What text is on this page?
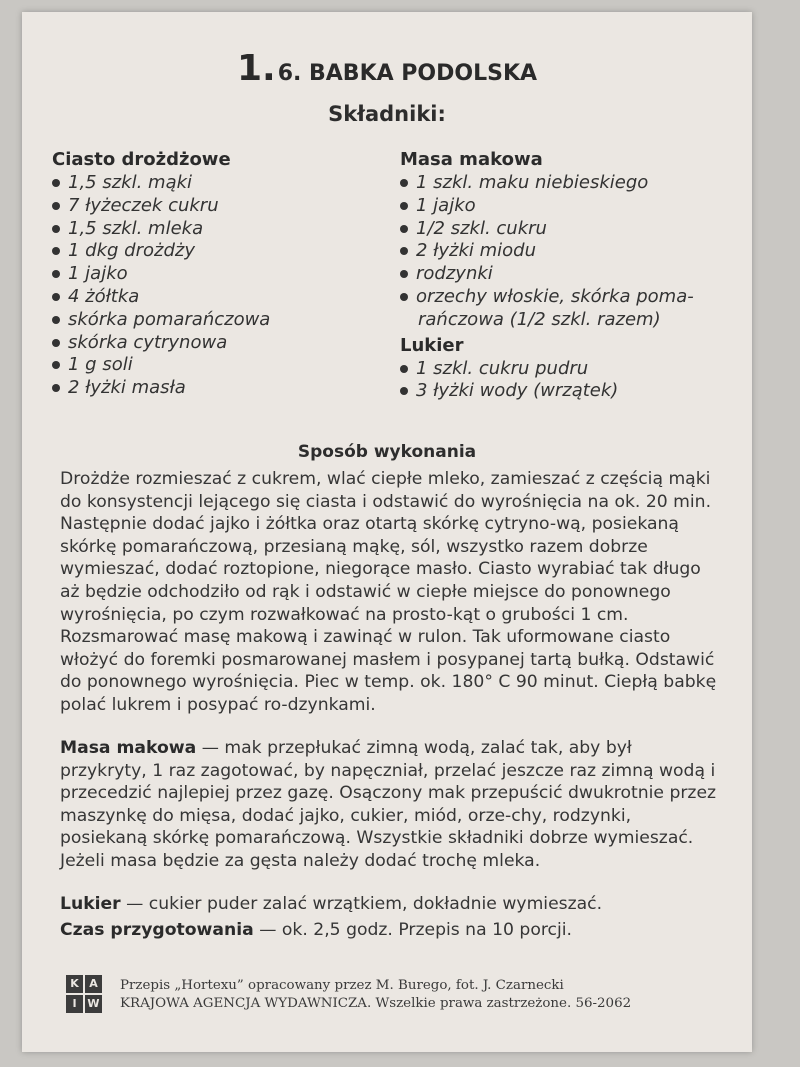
1.6. BABKA PODOLSKA
Składniki:
Ciasto drożdżowe
1,5 szkl. mąki
7 łyżeczek cukru
1,5 szkl. mleka
1 dkg drożdży
1 jajko
4 żółtka
skórka pomarańczowa
skórka cytrynowa
1 g soli
2 łyżki masła
Masa makowa
1 szkl. maku niebieskiego
1 jajko
1/2 szkl. cukru
2 łyżki miodu
rodzynki
orzechy włoskie, skórka poma-
rańczowa (1/2 szkl. razem)
Lukier
1 szkl. cukru pudru
3 łyżki wody (wrzątek)
Sposób wykonania

Drożdże rozmieszać z cukrem, wlać ciepłe mleko, zamieszać z częścią mąki do konsystencji lejącego się ciasta i odstawić do wyrośnięcia na ok. 20 min. Następnie dodać jajko i żółtka oraz otartą skórkę cytryno-wą, posiekaną skórkę pomarańczową, przesianą mąkę, sól, wszystko razem dobrze wymieszać, dodać roztopione, niegorące masło. Ciasto wyrabiać tak długo aż będzie odchodziło od rąk i odstawić w ciepłe miejsce do ponownego wyrośnięcia, po czym rozwałkować na prosto-kąt o grubości 1 cm. Rozsmarować masę makową i zawinąć w rulon. Tak uformowane ciasto włożyć do foremki posmarowanej masłem i posypanej tartą bułką. Odstawić do ponownego wyrośnięcia. Piec w temp. ok. 180° C 90 minut. Ciepłą babkę polać lukrem i posypać ro-dzynkami.

Masa makowa — mak przepłukać zimną wodą, zalać tak, aby był przykryty, 1 raz zagotować, by napęczniał, przelać jeszcze raz zimną wodą i przecedzić najlepiej przez gazę. Osączony mak przepuścić dwukrotnie przez maszynkę do mięsa, dodać jajko, cukier, miód, orze-chy, rodzynki, posiekaną skórkę pomarańczową. Wszystkie składniki dobrze wymieszać. Jeżeli masa będzie za gęsta należy dodać trochę mleka.

Lukier — cukier puder zalać wrzątkiem, dokładnie wymieszać.

Czas przygotowania — ok. 2,5 godz. Przepis na 10 porcji.

K A
I W
Przepis „Hortexu” opracowany przez M. Burego, fot. J. Czarnecki
KRAJOWA AGENCJA WYDAWNICZA. Wszelkie prawa zastrzeżone. 56-2062
